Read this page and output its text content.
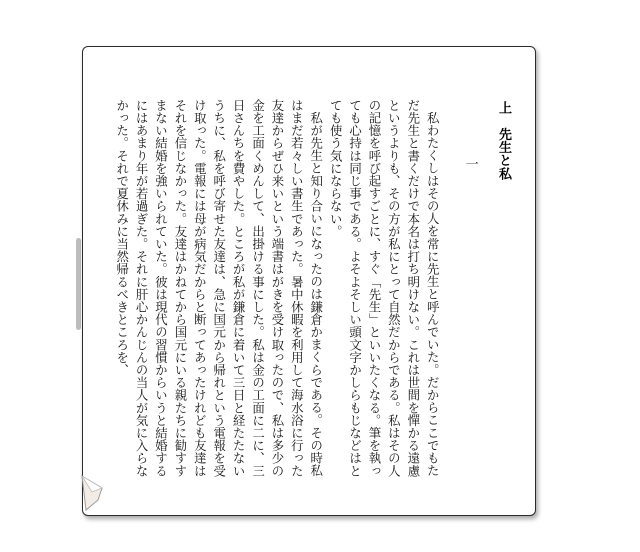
上　先生と私
一

私わたくしはその人を常に先生と呼んでいた。だからここでもただ先生と書くだけで本名は打ち明けない。これは世間を憚かる遠慮というよりも、その方が私にとって自然だからである。私はその人の記憶を呼び起すごとに、すぐ「先生」といいたくなる。筆を執っても心持は同じ事である。よそよそしい頭文字かしらもじなどはとても使う気にならない。

私が先生と知り合いになったのは鎌倉かまくらである。その時私はまだ若々しい書生であった。暑中休暇を利用して海水浴に行った友達からぜひ来いという端書はがきを受け取ったので、私は多少の金を工面くめんして、出掛ける事にした。私は金の工面に二に、三日さんちを費やした。ところが私が鎌倉に着いて三日と経たたないうちに、私を呼び寄せた友達は、急に国元から帰れという電報を受け取った。電報には母が病気だからと断ってあったけれども友達はそれを信じなかった。友達はかねてから国元にいる親たちに勧すすまない結婚を強いられていた。彼は現代の習慣からいうと結婚するにはあまり年が若過ぎた。それに肝心かんじんの当人が気に入らなかった。それで夏休みに当然帰るべきところを、
